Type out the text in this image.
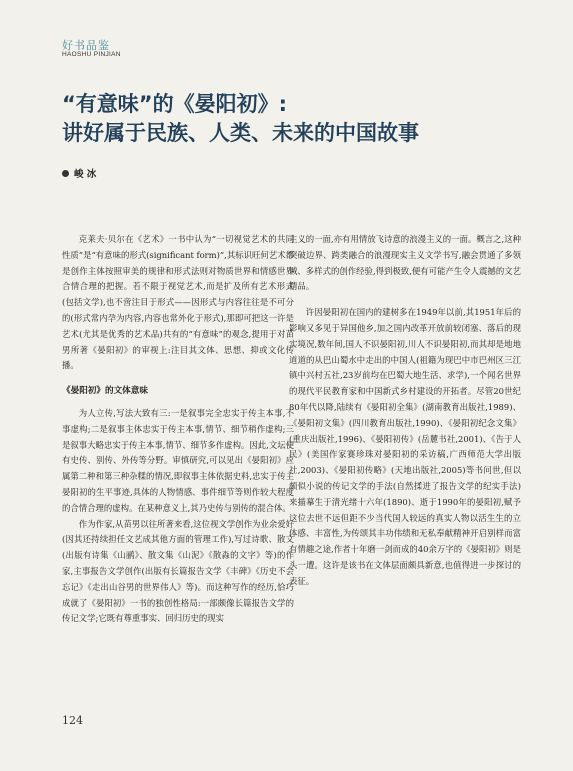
好书品鉴
HAOSHU PINJIAN
“有意味”的《晏阳初》:
讲好属于民族、人类、未来的中国故事
峻 冰

克莱夫·贝尔在《艺术》一书中认为“一切视觉艺术的共同性质”是“有意味的形式(significant form)”,其标识旺何艺术都是创作主体按照审美的规律和形式法则对物质世界和情感世界合情合理的把握。若不限于视觉艺术,而是扩及所有艺术形式(包括文学),也不啻注目于形式——因形式与内容往往是不可分的(形式常内孕为内容,内容也常外化于形式),那即可把这一许是艺术(尤其是优秀的艺术品)共有的“有意味”的观念,提用于对苗男所著《晏阳初》的审视上:注目其文体、思想、抑或文化传播。

《晏阳初》的文体意味

为人立传,写法大致有三:一是叙事完全忠实于传主本事,不事虚构;二是叙事主体忠实于传主本事,情节、细节稍作虚构;三是叙事大略忠实于传主本事,情节、细节多作虚构。因此,文坛便有史传、别传、外传等分野。审慎研究,可以见出《晏阳初》应属第二种和第三种杂糅的情况,即叙事主体依据史料,忠实于传主晏阳初的生平事迹,具体的人物情感、事件细节等则作较大程度的合情合理的虚构。在某种意义上,其乃史传与别传的混合体。

作为作家,从苗男以往所著来看,这位视文学创作为业余爱好(因其还持续担任文艺成其他方面的管理工作),写过诗歌、散文(出版有诗集《山鹂》、散文集《山泥》《散淼的文字》等)的作家,主事报告文学创作(出版有长篇报告文学《丰碑》《历史不会忘记》《走出山谷男的世界伟人》等)。而这种写作的经历,恰巧成就了《晏阳初》一书的独创性格局:一部颇像长篇报告文学的传记文学;它既有尊重事实、回归历史的现实

主义的一面,亦有用情放飞诗意的浪漫主义的一面。概言之,这种突破边界、跨类融合的浪漫现实主义文学书写,融会贯通了多领域、多样式的创作经验,得到极致,便有可能产生令人震撼的文艺精品。

许因晏阳初在国内的建树多在1949年以前,其1951年后的影响又多见于异国他乡,加之国内改革开放前较闭塞、落后的现实境况,数年间,国人不识晏阳初,川人不识晏阳初,而其却是地地道道的从巴山蜀水中走出的中国人(祖籍为现巴中市巴州区三江镇中兴村五社,23岁前均在巴蜀大地生活、求学),一个闻名世界的现代平民教育家和中国新式乡村建设的开拓者。尽管20世纪80年代以降,陆续有《晏阳初全集》(湖南教育出版社,1989)、《晏阳初文集》(四川教育出版社,1990)、《晏阳初纪念文集》(重庆出版社,1996)、《晏阳初传》(岳麓书社,2001)、《告于人民》(美国作家赛珍珠对晏阳初的采访稿,广西师范大学出版社,2003)、《晏阳初传略》(天地出版社,2005)等书问世,但以颇似小说的传记文学的手法(自然揉进了报告文学的纪实手法)来描摹生于清光绪十六年(1890)、逝于1990年的晏阳初,赋予这位去世不远但距不少当代国人较远的真实人物以活生生的立体感、丰富性,为传颂其丰功伟绩和无私奉献精神开启别样而富有情趣之途,作者十年磨一剑而成的40余万字的《晏阳初》则是头一遭。这许是该书在文体层面颇具新意,也值得进一步探讨的表征。

124
